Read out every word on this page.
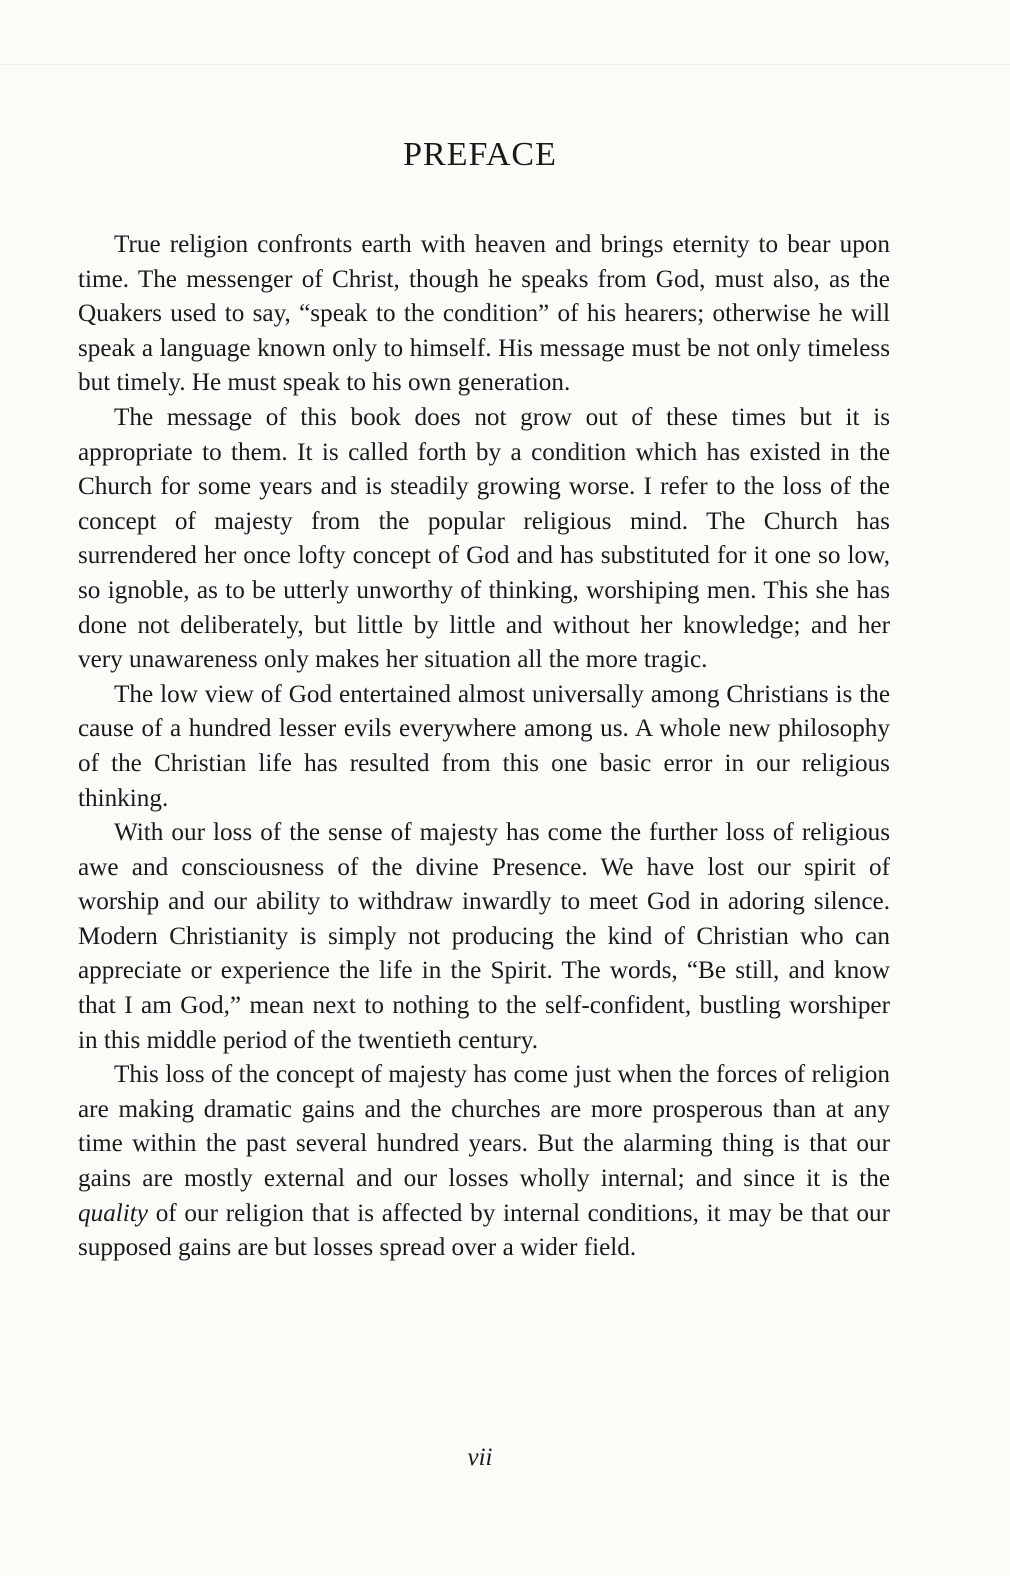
PREFACE

True religion confronts earth with heaven and brings eternity to bear upon time. The messenger of Christ, though he speaks from God, must also, as the Quakers used to say, “speak to the condition” of his hearers; otherwise he will speak a language known only to himself. His message must be not only timeless but timely. He must speak to his own generation.

The message of this book does not grow out of these times but it is appropriate to them. It is called forth by a condition which has existed in the Church for some years and is steadily growing worse. I refer to the loss of the concept of majesty from the popular religious mind. The Church has surrendered her once lofty concept of God and has substituted for it one so low, so ignoble, as to be utterly unworthy of thinking, worshiping men. This she has done not deliberately, but little by little and without her knowledge; and her very unawareness only makes her situation all the more tragic.

The low view of God entertained almost universally among Christians is the cause of a hundred lesser evils everywhere among us. A whole new philosophy of the Christian life has resulted from this one basic error in our religious thinking.

With our loss of the sense of majesty has come the further loss of religious awe and consciousness of the divine Presence. We have lost our spirit of worship and our ability to withdraw inwardly to meet God in adoring silence. Modern Christianity is simply not producing the kind of Christian who can appreciate or experience the life in the Spirit. The words, “Be still, and know that I am God,” mean next to nothing to the self-confident, bustling worshiper in this middle period of the twentieth century.

This loss of the concept of majesty has come just when the forces of religion are making dramatic gains and the churches are more prosperous than at any time within the past several hundred years. But the alarming thing is that our gains are mostly external and our losses wholly internal; and since it is the quality of our religion that is affected by internal conditions, it may be that our supposed gains are but losses spread over a wider field.

vii
